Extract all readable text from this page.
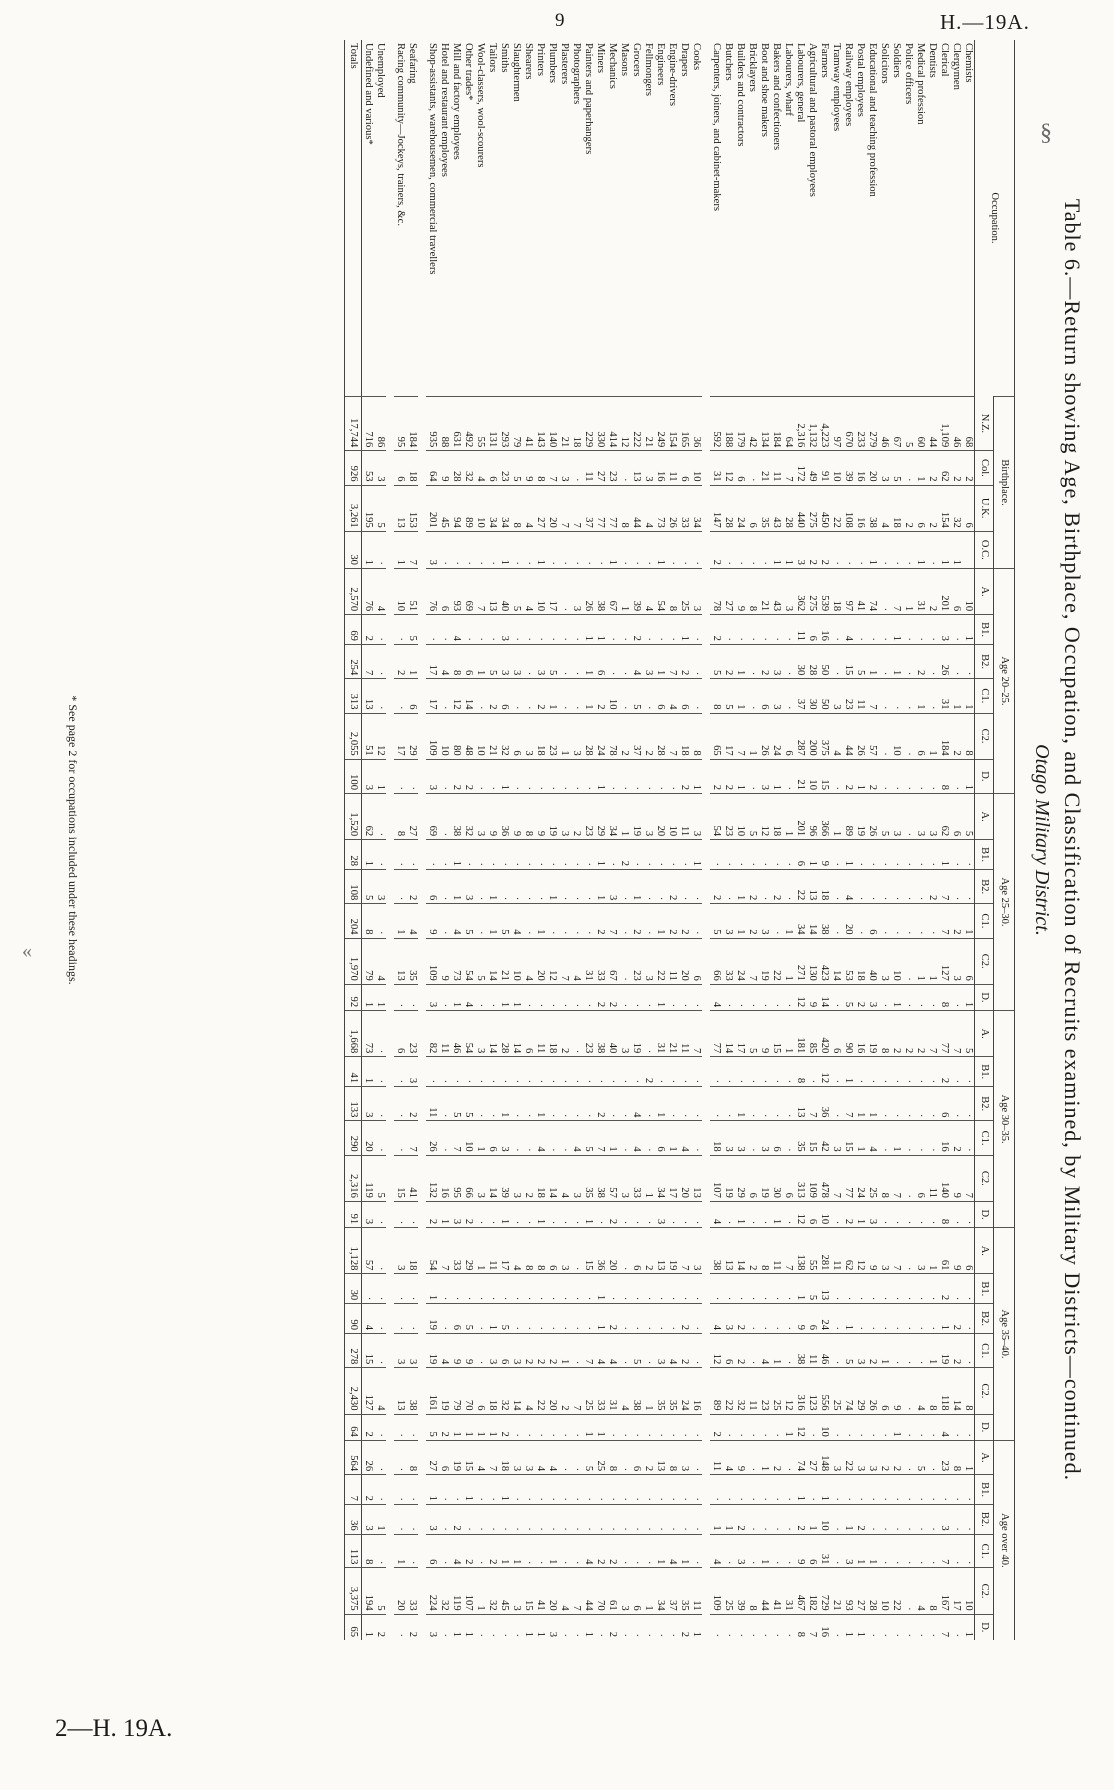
9	H.—19A.
§
«
2—H. 19A.
Table 6.—Return showing Age, Birthplace, Occupation, and Classification of Recruits examined, by Military Districts—continued.
Otago Military District.
Occupation.	Birthplace.				Age 20–25.						Age 25–30.						Age 30–35.						Age 35–40.						Age over 40.					
	N.Z.	Col.	U.K.	O.C.	A.	B1.	B2.	C1.	C2.	D.	A.	B1.	B2.	C1.	C2.	D.	A.	B1.	B2.	C1.	C2.	D.	A.	B1.	B2.	C1.	C2.	D.	A.	B1.	B2.	C1.	C2.	D.
Chemists	68	2	6		10	1	·	1	8	1	5	·	·	1	6	1	5	·	·	·	7	·	6	·	·	·	8	·	1	·	·	·	10	1
Clergymen	46	2	32	1	6	·	·	1	2	·	6	·	·	2	3	·	7	·	·	2	9	·	9	·	2	2	14	·	8	·	·	·	17	·
Clerical	1,109	62	154	1	201	3	26	31	184	8	62	1	7	7	127	8	77	2	6	16	140	8	61	2	1	19	118	4	23	·	3	7	167	7
Dentists	44	2	2	·	2	·	·	·	1	·	3	·	2	·	1	·	7	·	·	·	11	·	1	·	·	1	8	·	·	·	·	·	8	·
Medical profession	60	1	6	1	31	·	2	1	6	·	3	·	·	·	1	·	2	·	·	·	6	·	3	·	·	·	4	·	5	·	·	·	4	·
Police officers	5	·	2	·	1	·	·	·	·	·	·	·	·	·	·	·	2	·	·	·	·	·	·	·	·	·	·	·	·	·	·	·	·	·
Soldiers	67	5	18	·	7	1	1	·	10	·	3	·	·	·	10	1	2	·	·	1	7	·	7	·	·	·	9	1	2	·	·	·	22	·
Solicitors	46	3	4	·	·	·	·	·	·	·	5	·	·	·	3	·	8	·	·	·	8	·	3	·	·	1	6	·	2	·	·	·	10	·
Educational and teaching profession	279	20	38	1	74	·	1	7	57	2	26	·	·	6	40	3	19	·	1	4	25	3	9	·	·	2	26	·	3	·	·	1	28	·
Postal employees	233	16	16	·	41	·	5	11	26	1	19	·	·	·	18	2	16	·	1	1	24	1	12	·	·	3	29	·	3	·	2	1	27	1
Railway employees	670	39	108	·	97	4	15	23	44	2	89	1	4	20	53	5	90	1	7	15	77	2	62	·	1	5	74	·	22	·	1	3	93	1
Tramway employees	97	10	22	·	18	·	·	3	4	·	1	·	·	·	14	·	6	·	·	3	7	·	11	·	·	·	25	·	3	·	·	·	21	·
Farmers	4,223	91	450	2	539	16	50	50	375	15	366	9	18	38	423	14	420	12	36	42	478	10	281	13	24	46	556	10	148	1	10	31	729	16
Agricultural and pastoral employees	1,132	49	275	2	275	6	28	30	200	10	96	1	13	14	130	9	85	·	7	15	109	6	55	5	6	11	123	·	27	·	1	6	182	7
Labourers, general	2,316	172	440	3	362	11	30	37	287	21	201	6	22	34	271	12	181	8	13	35	313	12	138	1	9	38	316	12	74	1	2	9	467	8
Labourers, wharf	64	7	28	1	3	·	·	·	6	·	1	·	·	1	1	·	1	·	·	·	6	·	7	·	·	·	12	1	·	·	·	·	31	·
Bakers and confectioners	184	11	43	1	43	·	3	3	24	1	18	·	2	·	22	·	15	·	·	6	30	1	11	·	·	1	25	·	2	·	·	·	41	·
Boot and shoe makers	134	21	35	·	21	·	2	6	26	3	12	·	·	3	19	·	9	·	·	3	19	·	8	·	·	4	23	·	1	·	·	1	44	·
Bricklayers	42	·	6	·	8	·	·	·	1	·	5	·	2	2	7	·	5	·	·	·	6	·	2	·	·	·	11	·	·	·	·	·	8	·
Builders and contractors	179	6	24	·	9	·	1	1	7	1	10	·	1	1	24	·	17	·	1	3	29	1	14	·	2	2	32	·	9	·	2	3	39	·
Butchers	188	12	28	·	27	·	2	5	17	2	23	·	·	3	33	·	14	·	·	3	19	·	13	·	3	6	22	·	4	·	1	·	25	·
Carpenters, joiners, and cabinet-makers	592	31	147	2	78	2	5	8	65	2	54	·	2	5	66	4	77	·	·	18	107	4	38	·	4	12	89	2	11	·	1	4	109	·

Cooks	36	10	34	·	3	·	·	·	8	1	3	1	·	·	6	·	7	·	·	·	13	·	3	·	·	·	16	·	·	·	·	·	11	1
Drapers	165	6	33	·	25	1	2	6	18	2	11	·	·	2	20	·	11	·	·	4	20	·	7	·	2	2	24	·	3	·	·	1	35	2
Engine-drivers	154	11	26	·	8	·	7	4	7	·	10	·	2	2	11	·	21	·	·	1	17	·	19	·	·	4	35	·	8	·	·	4	37	·
Engineers	249	16	73	1	54	·	1	6	28	·	20	·	·	1	22	1	31	·	1	6	34	3	13	·	·	3	35	·	13	·	·	1	34	·
Fellmongers	21	3	4	·	4	·	3	·	2	·	3	·	·	·	3	·	·	2	·	·	1	·	2	·	·	·	1	·	2	·	·	·	1	·
Grocers	222	13	44	·	39	2	4	5	37	·	19	·	1	2	23	·	19	·	4	4	33	·	6	·	·	5	38	·	6	·	·	·	6	·
Masons	12	·	8	·	1	·	·	·	2	·	1	2	·	·	·	·	3	·	·	·	3	·	·	·	·	·	4	·	·	·	·	·	3	·
Mechanics	414	23	77	1	67	·	·	10	78	·	34	·	3	7	67	2	40	·	·	1	57	2	20	·	2	4	31	·	8	·	·	2	61	2
Miners	330	27	77	·	38	1	6	2	24	1	29	1	1	2	33	2	38	·	2	7	38	·	36	1	1	4	33	1	25	·	·	2	70	·
Painters and paperhangers	229	11	37	·	26	1	1	1	28	·	23	·	·	·	31	·	23	·	·	5	35	1	15	·	·	7	25	1	5	·	·	4	44	1
Photographers	18	·	7	·	3	·	·	·	3	·	2	·	·	·	4	·	·	·	·	4	3	·	·	·	·	·	7	·	·	·	·	·	7	·
Plasterers	21	3	7	·	·	·	·	·	1	·	3	·	·	·	7	·	2	·	·	·	4	·	3	·	·	1	2	·	·	·	·	·	4	·
Plumbers	140	7	20	·	17	·	5	1	23	·	19	·	1	·	12	·	18	·	·	·	14	·	6	·	·	2	20	·	4	·	·	1	20	3
Printers	143	8	27	1	10	·	3	2	18	·	9	·	·	1	20	·	11	·	1	4	18	1	8	·	·	2	22	·	4	·	·	·	41	1
Shearers	41	9	4	·	4	·	·	·	3	·	8	·	·	·	4	·	6	·	·	·	2	·	8	·	·	2	4	·	3	·	·	·	15	1
Slaughtermen	79	5	8	·	5	·	3	·	6	·	9	·	·	4	10	1	14	·	·	·	3	·	4	·	·	3	14	·	3	·	·	1	3	·
Smiths	293	23	34	1	40	3	3	6	32	1	36	·	·	5	21	1	28	·	1	3	39	1	17	·	5	6	32	2	18	1	·	1	45	·
Tailors	131	6	34	·	13	·	5	2	21	·	9	·	1	1	14	·	14	·	·	6	14	·	11	·	1	3	18	1	7	·	·	2	32	·
Wool-classers, wool-scourers	55	4	10	·	7	·	1	·	10	·	3	·	·	·	5	·	3	·	·	1	3	·	1	·	·	·	6	1	4	·	·	·	1	·
Other trades*	492	32	89	·	69	·	6	14	48	2	32	·	3	5	54	4	54	·	5	10	66	2	29	·	5	9	70	1	15	1	·	2	107	1
Mill and factory employees	631	28	94	·	93	4	8	12	80	2	38	1	1	4	73	1	46	·	5	7	95	3	33	·	6	9	79	1	19	·	2	4	119	1
Hotel and restaurant employees	88	9	45	·	6	·	4	·	10	·	·	·	·	·	9	·	11	·	·	·	16	1	7	·	·	4	19	2	6	·	·	·	32	·
Shop-assistants, warehousemen, commercial travellers	935	64	201	3	76	·	17	17	109	3	69	·	6	9	109	3	82	·	11	26	132	2	54	1	19	19	161	5	27	1	3	6	224	3

Seafaring	184	18	153	7	51	5	1	6	29	·	27	·	2	4	35	·	23	3	2	7	41	·	18	·	·	3	38	·	8	·	·	·	33	2
Racing community—Jockeys, trainers, &c.	95	6	13	1	10	·	2	·	17	·	8	·	·	1	13	·	6	·	·	·	15	·	3	·	·	3	13	·	·	·	·	1	20	·

Unemployed	86	3	5	·	4	·	·	·	12	1	·	·	3	·	4	1	·	·	·	·	5	·	·	·	·	·	4	·	·	·	1	·	5	2
Undefined and various*	716	53	195	1	76	2	7	13	51	3	62	1	5	8	79	1	73	1	3	20	119	3	57	·	4	15	127	2	26	2	3	8	194	1
Totals	17,744	926	3,261	30	2,570	69	254	313	2,055	100	1,520	28	108	204	1,970	92	1,668	41	133	290	2,316	91	1,128	30	90	278	2,430	64	564	7	36	113	3,375	65
* See page 2 for occupations included under these headings.
